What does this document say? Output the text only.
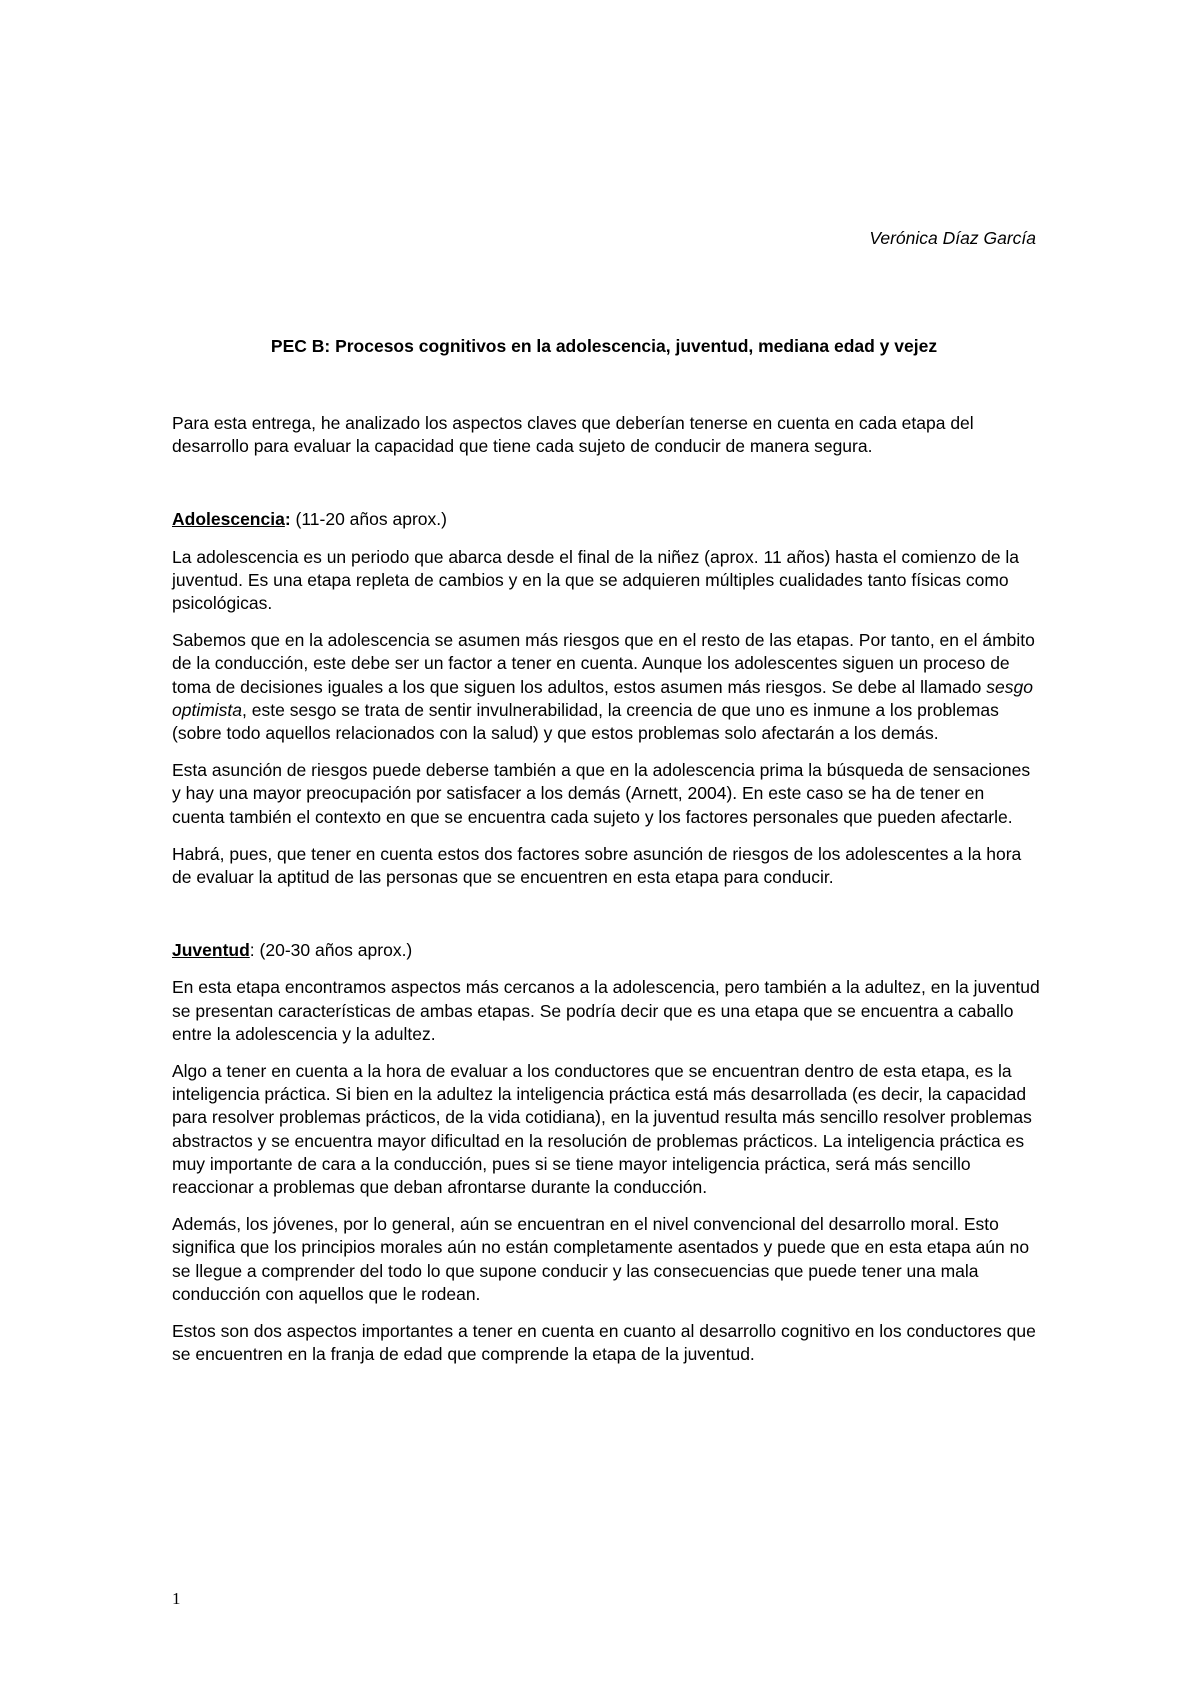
Verónica Díaz García
PEC B: Procesos cognitivos en la adolescencia, juventud, mediana edad y vejez

Para esta entrega, he analizado los aspectos claves que deberían tenerse en cuenta en cada etapa del desarrollo para evaluar la capacidad que tiene cada sujeto de conducir de manera segura.

Adolescencia: (11-20 años aprox.)

La adolescencia es un periodo que abarca desde el final de la niñez (aprox. 11 años) hasta el comienzo de la juventud. Es una etapa repleta de cambios y en la que se adquieren múltiples cualidades tanto físicas como psicológicas.

Sabemos que en la adolescencia se asumen más riesgos que en el resto de las etapas. Por tanto, en el ámbito de la conducción, este debe ser un factor a tener en cuenta. Aunque los adolescentes siguen un proceso de toma de decisiones iguales a los que siguen los adultos, estos asumen más riesgos. Se debe al llamado sesgo optimista, este sesgo se trata de sentir invulnerabilidad, la creencia de que uno es inmune a los problemas (sobre todo aquellos relacionados con la salud) y que estos problemas solo afectarán a los demás.

Esta asunción de riesgos puede deberse también a que en la adolescencia prima la búsqueda de sensaciones y hay una mayor preocupación por satisfacer a los demás (Arnett, 2004). En este caso se ha de tener en cuenta también el contexto en que se encuentra cada sujeto y los factores personales que pueden afectarle.

Habrá, pues, que tener en cuenta estos dos factores sobre asunción de riesgos de los adolescentes a la hora de evaluar la aptitud de las personas que se encuentren en esta etapa para conducir.

Juventud: (20-30 años aprox.)

En esta etapa encontramos aspectos más cercanos a la adolescencia, pero también a la adultez, en la juventud se presentan características de ambas etapas. Se podría decir que es una etapa que se encuentra a caballo entre la adolescencia y la adultez.

Algo a tener en cuenta a la hora de evaluar a los conductores que se encuentran dentro de esta etapa, es la inteligencia práctica. Si bien en la adultez la inteligencia práctica está más desarrollada (es decir, la capacidad para resolver problemas prácticos, de la vida cotidiana), en la juventud resulta más sencillo resolver problemas abstractos y se encuentra mayor dificultad en la resolución de problemas prácticos. La inteligencia práctica es muy importante de cara a la conducción, pues si se tiene mayor inteligencia práctica, será más sencillo reaccionar a problemas que deban afrontarse durante la conducción.

Además, los jóvenes, por lo general, aún se encuentran en el nivel convencional del desarrollo moral. Esto significa que los principios morales aún no están completamente asentados y puede que en esta etapa aún no se llegue a comprender del todo lo que supone conducir y las consecuencias que puede tener una mala conducción con aquellos que le rodean.

Estos son dos aspectos importantes a tener en cuenta en cuanto al desarrollo cognitivo en los conductores que se encuentren en la franja de edad que comprende la etapa de la juventud.

1
